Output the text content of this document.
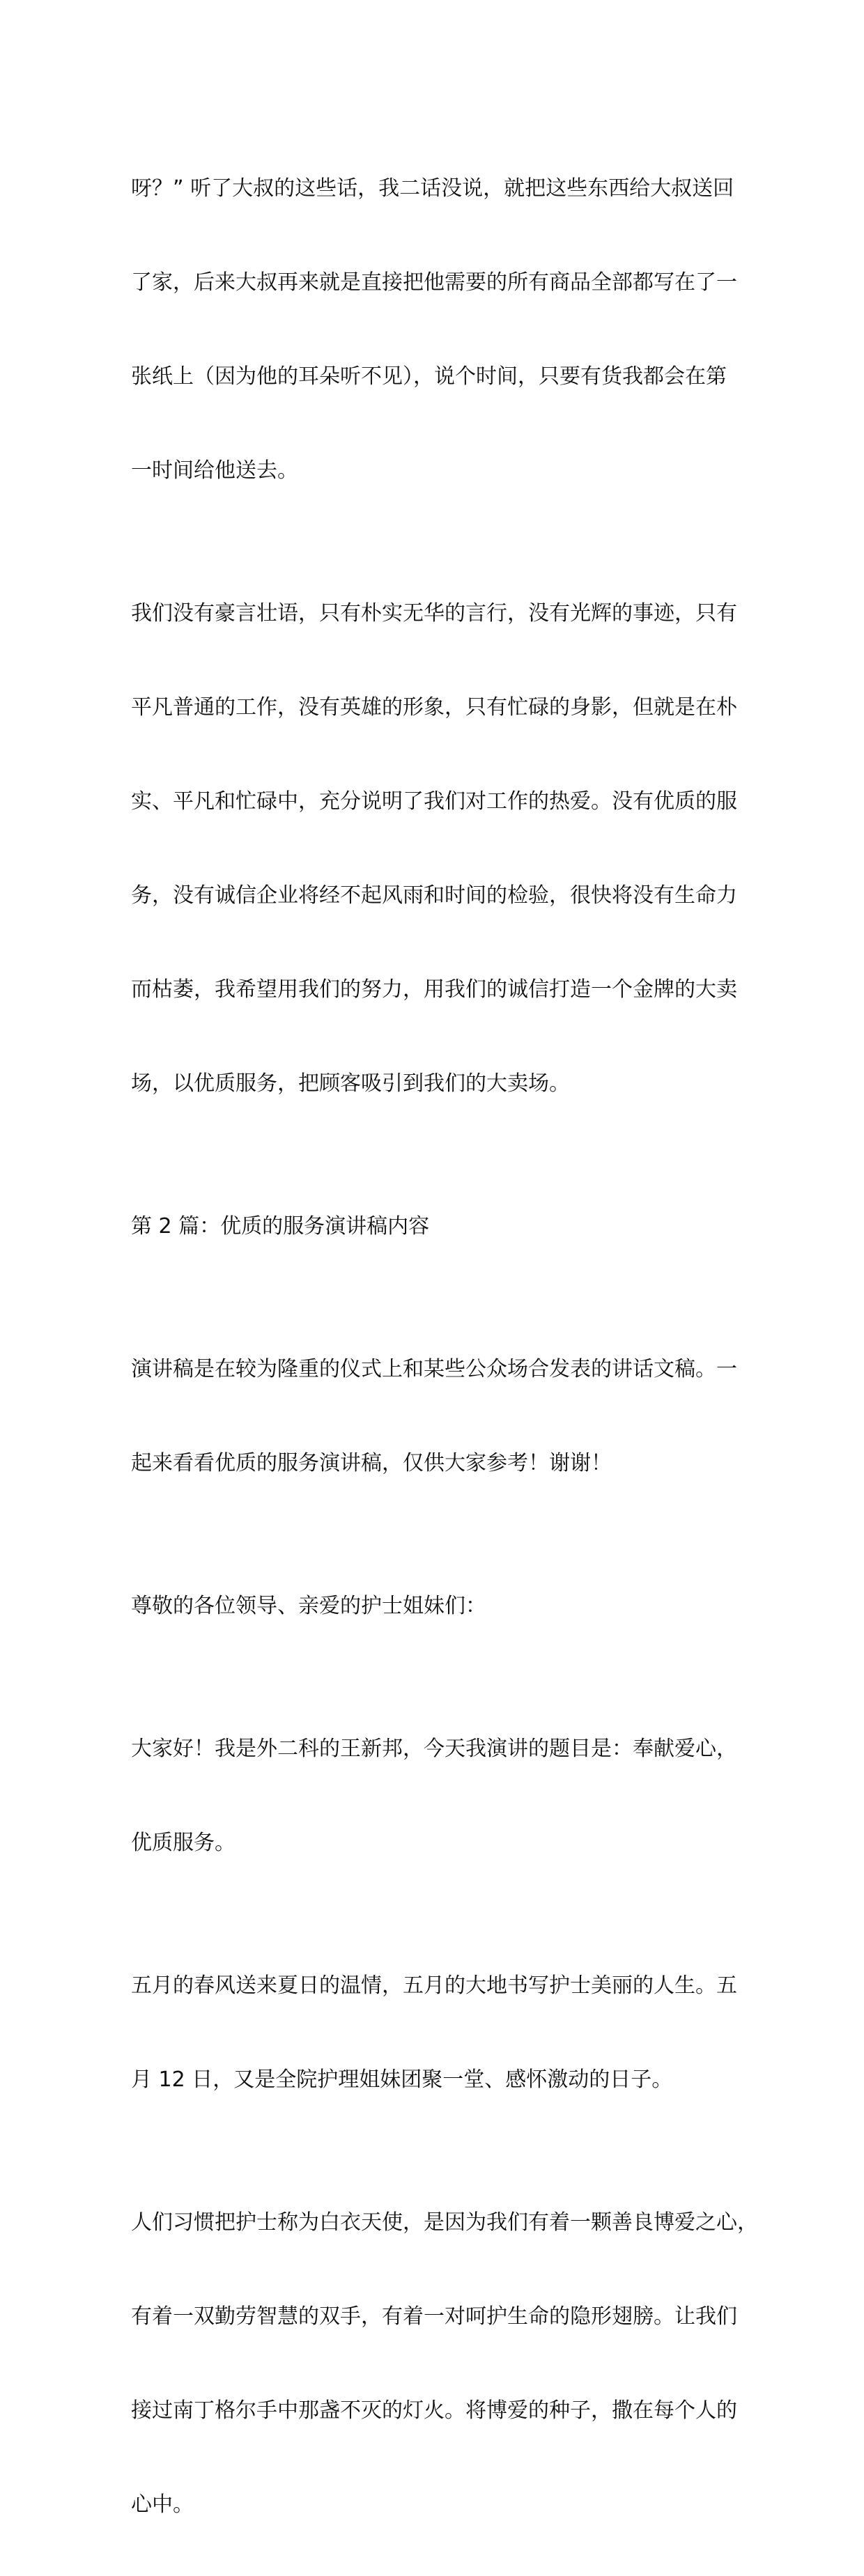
呀？” 听了大叔的这些话，我二话没说，就把这些东西给大叔送回

了家，后来大叔再来就是直接把他需要的所有商品全部都写在了一

张纸上（因为他的耳朵听不见），说个时间，只要有货我都会在第

一时间给他送去。

我们没有豪言壮语，只有朴实无华的言行，没有光辉的事迹，只有

平凡普通的工作，没有英雄的形象，只有忙碌的身影，但就是在朴

实、平凡和忙碌中，充分说明了我们对工作的热爱。没有优质的服

务，没有诚信企业将经不起风雨和时间的检验，很快将没有生命力

而枯萎，我希望用我们的努力，用我们的诚信打造一个金牌的大卖

场，以优质服务，把顾客吸引到我们的大卖场。

第 2 篇：优质的服务演讲稿内容

演讲稿是在较为隆重的仪式上和某些公众场合发表的讲话文稿。一

起来看看优质的服务演讲稿，仅供大家参考！谢谢！

尊敬的各位领导、亲爱的护士姐妹们：

大家好！我是外二科的王新邦，今天我演讲的题目是：奉献爱心，

优质服务。

五月的春风送来夏日的温情，五月的大地书写护士美丽的人生。五

月 12 日，又是全院护理姐妹团聚一堂、感怀激动的日子。

人们习惯把护士称为白衣天使，是因为我们有着一颗善良博爱之心，

有着一双勤劳智慧的双手，有着一对呵护生命的隐形翅膀。让我们

接过南丁格尔手中那盏不灭的灯火。将博爱的种子，撒在每个人的

心中。
